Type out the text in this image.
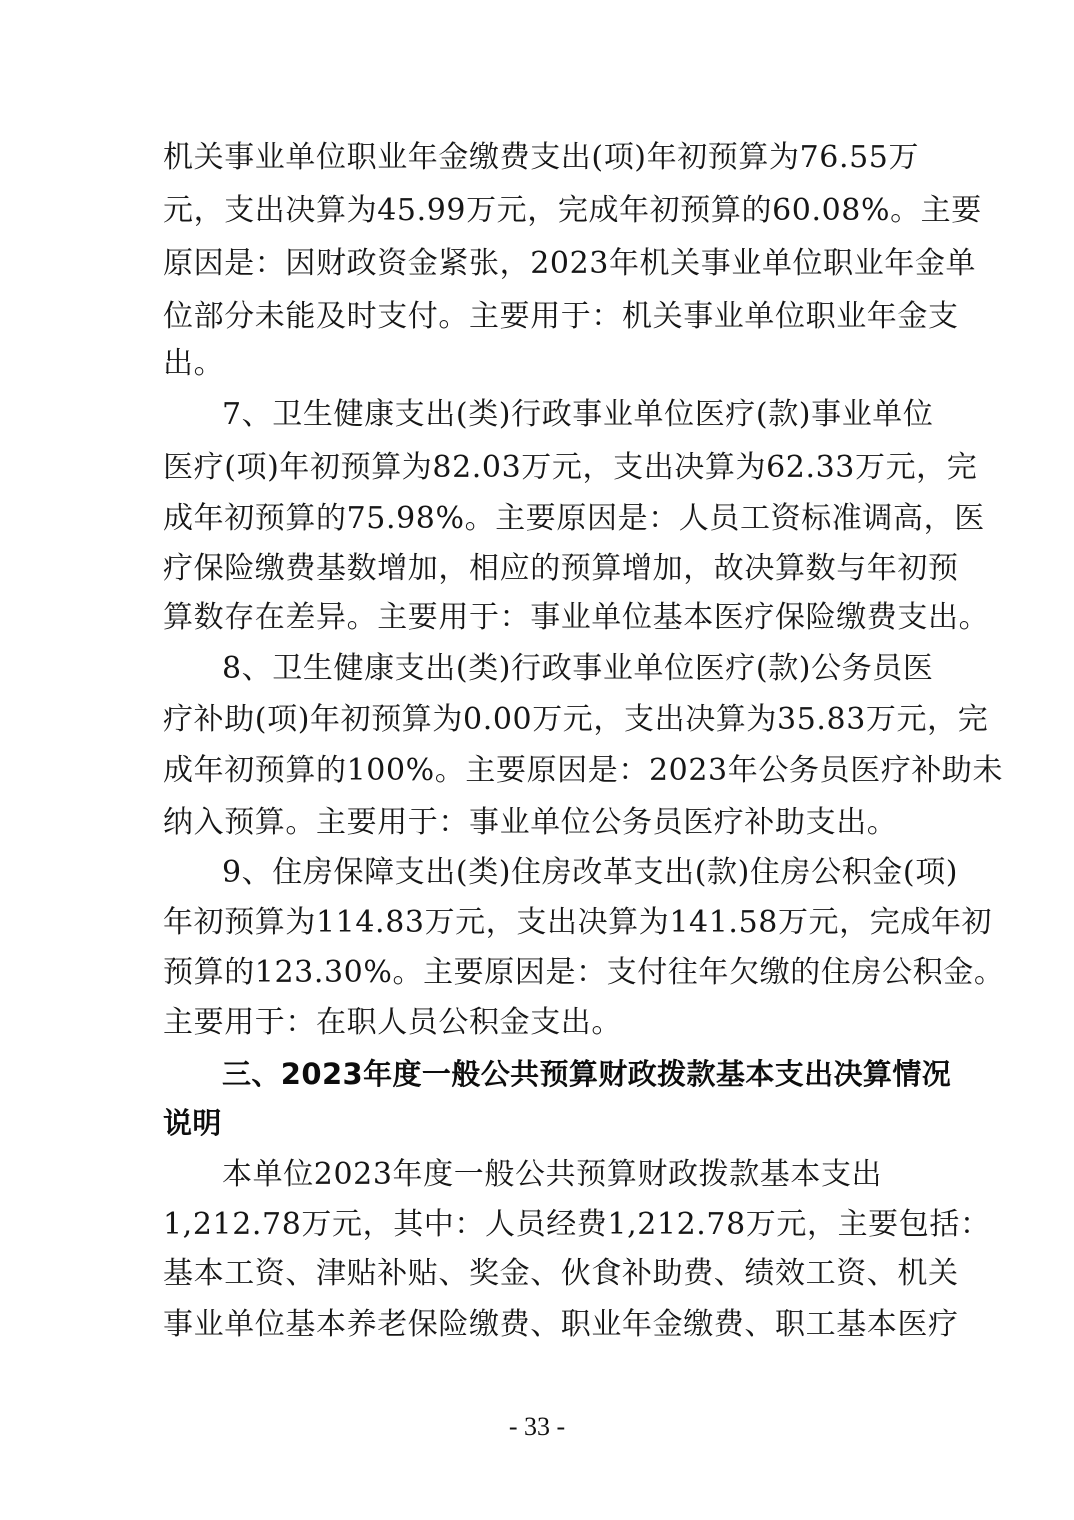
机关事业单位职业年金缴费支出(项)年初预算为76.55万
元，支出决算为45.99万元，完成年初预算的60.08%。主要
原因是：因财政资金紧张，2023年机关事业单位职业年金单
位部分未能及时支付。主要用于：机关事业单位职业年金支
出。
7、卫生健康支出(类)行政事业单位医疗(款)事业单位
医疗(项)年初预算为82.03万元，支出决算为62.33万元，完
成年初预算的75.98%。主要原因是：人员工资标准调高，医
疗保险缴费基数增加，相应的预算增加，故决算数与年初预
算数存在差异。主要用于：事业单位基本医疗保险缴费支出。
8、卫生健康支出(类)行政事业单位医疗(款)公务员医
疗补助(项)年初预算为0.00万元，支出决算为35.83万元，完
成年初预算的100%。主要原因是：2023年公务员医疗补助未
纳入预算。主要用于：事业单位公务员医疗补助支出。
9、住房保障支出(类)住房改革支出(款)住房公积金(项)
年初预算为114.83万元，支出决算为141.58万元，完成年初
预算的123.30%。主要原因是：支付往年欠缴的住房公积金。
主要用于：在职人员公积金支出。
三、2023年度一般公共预算财政拨款基本支出决算情况
说明
本单位2023年度一般公共预算财政拨款基本支出
1,212.78万元，其中：人员经费1,212.78万元，主要包括：
基本工资、津贴补贴、奖金、伙食补助费、绩效工资、机关
事业单位基本养老保险缴费、职业年金缴费、职工基本医疗
- 33 -
